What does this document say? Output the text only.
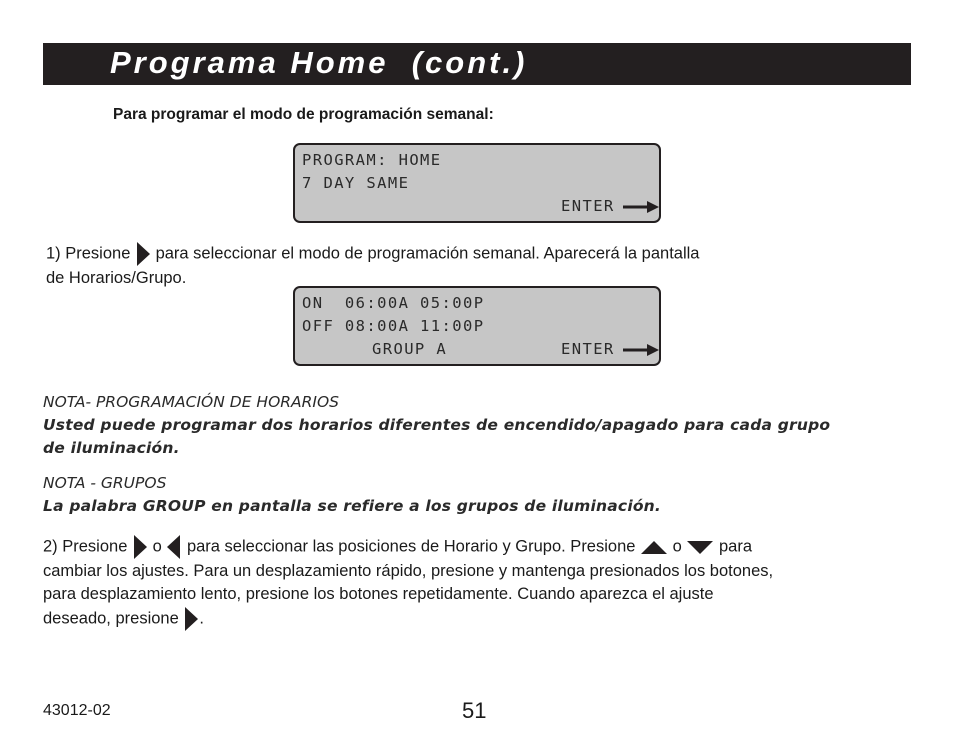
Programa Home  (cont.)
Para programar el modo de programación semanal:
PROGRAM: HOME
7 DAY SAME
ENTER
1) Presione para seleccionar el modo de programación semanal. Aparecerá la pantalla
de Horarios/Grupo.
ON  06:00A 05:00P
OFF 08:00A 11:00P
GROUP A	ENTER
NOTA- PROGRAMACIÓN DE HORARIOS
Usted puede programar dos horarios diferentes de encendido/apagado para cada grupo
de iluminación.
NOTA - GRUPOS
La palabra GROUP en pantalla se refiere a los grupos de iluminación.
2) Presione o para seleccionar las posiciones de Horario y Grupo. Presione o para
cambiar los ajustes. Para un desplazamiento rápido, presione y mantenga presionados los botones,
para desplazamiento lento, presione los botones repetidamente. Cuando aparezca el ajuste
deseado, presione .
43012-02	51
